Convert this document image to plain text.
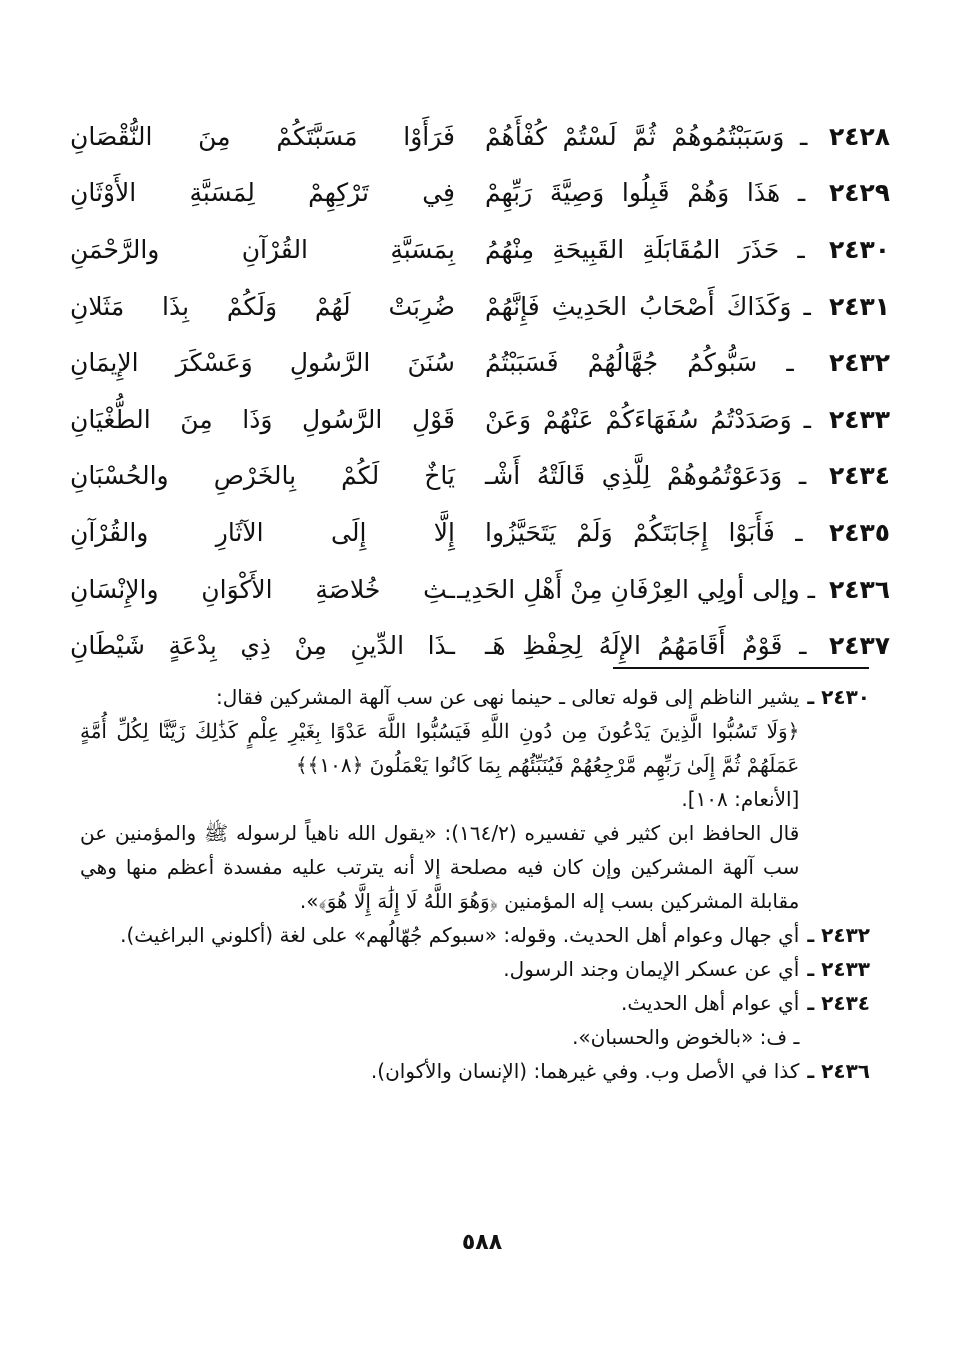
٢٤٢٨ ـ وَسَبَبْتُمُوهُمْ ثُمَّ لَسْتُمْ كُفْأَهُمْ
فَرَأَوْا مَسَبَّتَكُمْ مِنَ النُّقْصَانِ
٢٤٢٩ ـ هَذَا وَهُمْ قَبِلُوا وَصِيَّةَ رَبِّهِمْ
فِي تَرْكِهِمْ لِمَسَبَّةِ الأَوْثَانِ
٢٤٣٠ ـ حَذَرَ المُقَابَلَةِ القَبِيحَةِ مِنْهُمُ
بِمَسَبَّةِ القُرْآنِ والرَّحْمَنِ
٢٤٣١ ـ وَكَذَاكَ أَصْحَابُ الحَدِيثِ فَإِنَّهُمْ
ضُرِبَتْ لَهُمْ وَلَكُمْ بِذَا مَثَلانِ
٢٤٣٢ ـ سَبُّوكُمُ جُهَّالُهُمْ فَسَبَبْتُمُ
سُنَنَ الرَّسُولِ وَعَسْكَرَ الإِيمَانِ
٢٤٣٣ ـ وَصَدَدْتُمُ سُفَهَاءَكُمْ عَنْهُمْ وَعَنْ
قَوْلِ الرَّسُولِ وَذَا مِنَ الطُّغْيَانِ
٢٤٣٤ ـ وَدَعَوْتُمُوهُمْ لِلَّذِي قَالَتْهُ أَشْـ
يَاخٌ لَكُمْ بِالخَرْصِ والحُسْبَانِ
٢٤٣٥ ـ فَأَبَوْا إِجَابَتَكُمْ وَلَمْ يَتَحَيَّزُوا
إِلَّا إِلَى الآثَارِ والقُرْآنِ
٢٤٣٦ ـ وإلى أولِي العِرْفَانِ مِنْ أَهْلِ الحَدِيـ
ـثِ خُلاصَةِ الأَكْوَانِ والإِنْسَانِ
٢٤٣٧ ـ قَوْمٌ أَقَامَهُمُ الإِلَهُ لِحِفْظِ هَـ
ـذَا الدِّينِ مِنْ ذِي بِدْعَةٍ شَيْطَانِ
٢٤٣٠ ـ

يشير الناظم إلى قوله تعالى ـ حينما نهى عن سب آلهة المشركين فقال:

﴿وَلَا تَسُبُّوا الَّذِينَ يَدْعُونَ مِن دُونِ اللَّهِ فَيَسُبُّوا اللَّهَ عَدْوًا بِغَيْرِ عِلْمٍ كَذَٰلِكَ زَيَّنَّا لِكُلِّ أُمَّةٍ عَمَلَهُمْ ثُمَّ إِلَىٰ رَبِّهِم مَّرْجِعُهُمْ فَيُنَبِّئُهُم بِمَا كَانُوا يَعْمَلُونَ ﴿١٠٨﴾﴾

[الأنعام: ١٠٨].

قال الحافظ ابن كثير في تفسيره (١٦٤/٢): «يقول الله ناهياً لرسوله ﷺ والمؤمنين عن سب آلهة المشركين وإن كان فيه مصلحة إلا أنه يترتب عليه مفسدة أعظم منها وهي مقابلة المشركين بسب إله المؤمنين ﴿وَهُوَ اللَّهُ لَا إِلَٰهَ إِلَّا هُوَ﴾».

٢٤٣٢ ـ

أي جهال وعوام أهل الحديث. وقوله: «سبوكم جُهّالُهم» على لغة (أكلوني البراغيث).

٢٤٣٣ ـ

أي عن عسكر الإيمان وجند الرسول.

٢٤٣٤ ـ

أي عوام أهل الحديث.

ـ ف: «بالخوض والحسبان».

٢٤٣٦ ـ

كذا في الأصل وب. وفي غيرهما: (الإنسان والأكوان).

٥٨٨
